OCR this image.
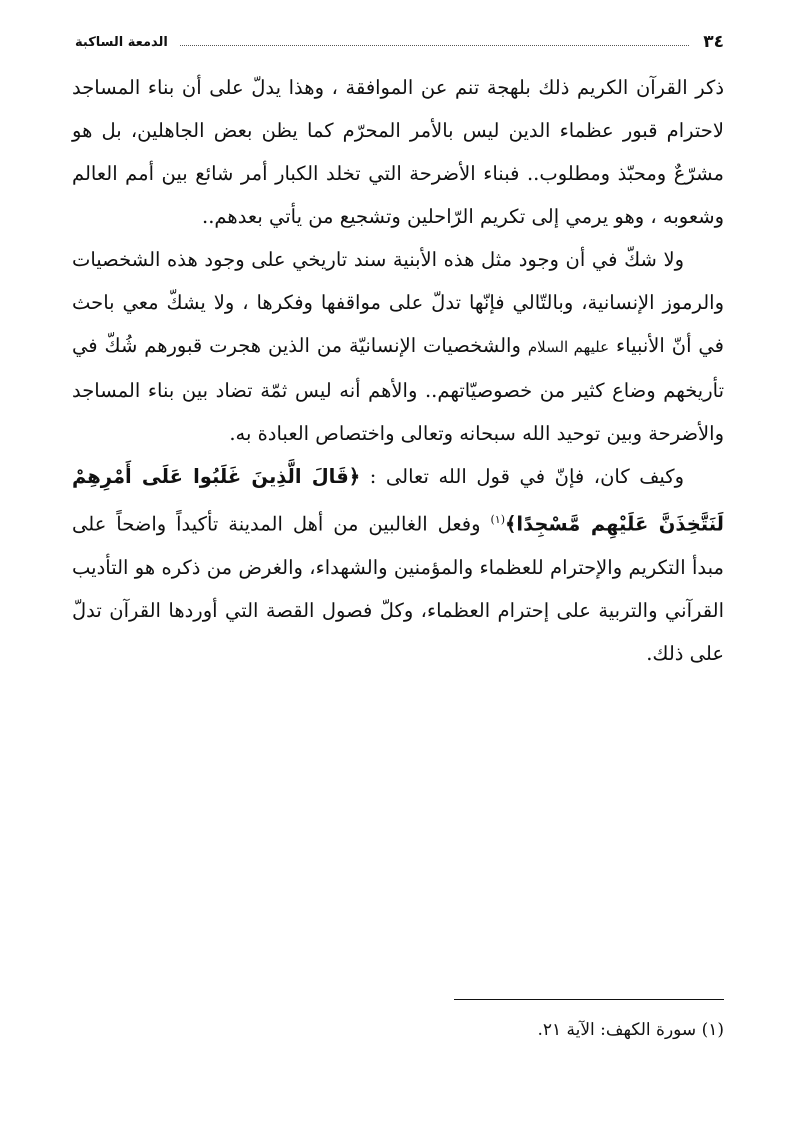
٣٤
الدمعة الساكبة

ذكر القرآن الكريم ذلك بلهجة تنم عن الموافقة ، وهذا يدلّ على أن بناء المساجد لاحترام قبور عظماء الدين ليس بالأمر المحرّم كما يظن بعض الجاهلين، بل هو مشرّعٌ ومحبّذ ومطلوب.. فبناء الأضرحة التي تخلد الكبار أمر شائع بين أمم العالم وشعوبه ، وهو يرمي إلى تكريم الرّاحلين وتشجيع من يأتي بعدهم..

ولا شكّ في أن وجود مثل هذه الأبنية سند تاريخي على وجود هذه الشخصيات والرموز الإنسانية، وبالتّالي فإنّها تدلّ على مواقفها وفكرها ، ولا يشكّ معي باحث في أنّ الأنبياء عليهم السلام والشخصيات الإنسانيّة من الذين هجرت قبورهم شُكّ في تأريخهم وضاع كثير من خصوصيّاتهم.. والأهم أنه ليس ثمّة تضاد بين بناء المساجد والأضرحة وبين توحيد الله سبحانه وتعالى واختصاص العبادة به.

وكيف كان، فإنّ في قول الله تعالى : ﴿قَالَ الَّذِينَ غَلَبُوا عَلَى أَمْرِهِمْ لَنَتَّخِذَنَّ عَلَيْهِم مَّسْجِدًا﴾$^{(١)}$ وفعل الغالبين من أهل المدينة تأكيداً واضحاً على مبدأ التكريم والإحترام للعظماء والمؤمنين والشهداء، والغرض من ذكره هو التأديب القرآني والتربية على إحترام العظماء، وكلّ فصول القصة التي أوردها القرآن تدلّ على ذلك.

(١) سورة الكهف: الآية ٢١.
